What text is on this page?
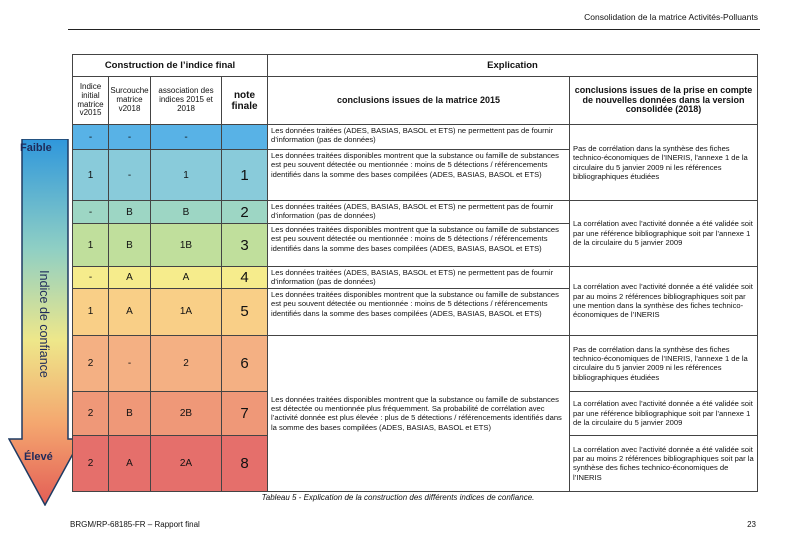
Consolidation de la matrice Activités-Polluants
Faible
Indice de confiance
Élevé
Construction de l’indice final				Explication	
Indice initial matrice v2015	Surcouche matrice v2018	association des indices 2015 et 2018	note finale	conclusions issues de la matrice 2015	conclusions issues de la prise en compte de nouvelles données dans la version consolidée (2018)
-	-	-		Les données traitées (ADES, BASIAS, BASOL et ETS) ne permettent pas de fournir d’information (pas de données)	Pas de corrélation dans la synthèse des fiches technico-économiques de l’INERIS, l’annexe 1 de la circulaire du 5 janvier 2009 ni les références bibliographiques étudiées
1	-	1	1	Les données traitées disponibles montrent que la substance ou famille de substances est peu souvent détectée ou mentionnée : moins de 5 détections / référencements identifiés dans la somme des bases compilées (ADES, BASIAS, BASOL et ETS)	
-	B	B	2	Les données traitées (ADES, BASIAS, BASOL et ETS) ne permettent pas de fournir d’information (pas de données)	La corrélation avec l’activité donnée a été validée soit par une référence bibliographique soit par l’annexe 1 de la circulaire du 5 janvier 2009
1	B	1B	3	Les données traitées disponibles montrent que la substance ou famille de substances est peu souvent détectée ou mentionnée : moins de 5 détections / référencements identifiés dans la somme des bases compilées (ADES, BASIAS, BASOL et ETS)	
-	A	A	4	Les données traitées (ADES, BASIAS, BASOL et ETS) ne permettent pas de fournir d’information (pas de données)	La corrélation avec l’activité donnée a été validée soit par au moins 2 références bibliographiques soit par une mention dans la synthèse des fiches technico-économiques de l’INERIS
1	A	1A	5	Les données traitées disponibles montrent que la substance ou famille de substances est peu souvent détectée ou mentionnée : moins de 5 détections / référencements identifiés dans la somme des bases compilées (ADES, BASIAS, BASOL et ETS)	
2	-	2	6	Les données traitées disponibles montrent que la substance ou famille de substances est détectée ou mentionnée plus fréquemment. Sa probabilité de corrélation avec l’activité donnée est plus élevée : plus de 5 détections / référencements identifiés dans la somme des bases compilées (ADES, BASIAS, BASOL et ETS)	Pas de corrélation dans la synthèse des fiches technico-économiques de l’INERIS, l’annexe 1 de la circulaire du 5 janvier 2009 ni les références bibliographiques étudiées
2	B	2B	7		La corrélation avec l’activité donnée a été validée soit par une référence bibliographique soit par l’annexe 1 de la circulaire du 5 janvier 2009
2	A	2A	8		La corrélation avec l’activité donnée a été validée soit par au moins 2 références bibliographiques soit par la synthèse des fiches technico-économiques de l’INERIS
Tableau 5 - Explication de la construction des différents indices de confiance.
BRGM/RP-68185-FR – Rapport final	23
